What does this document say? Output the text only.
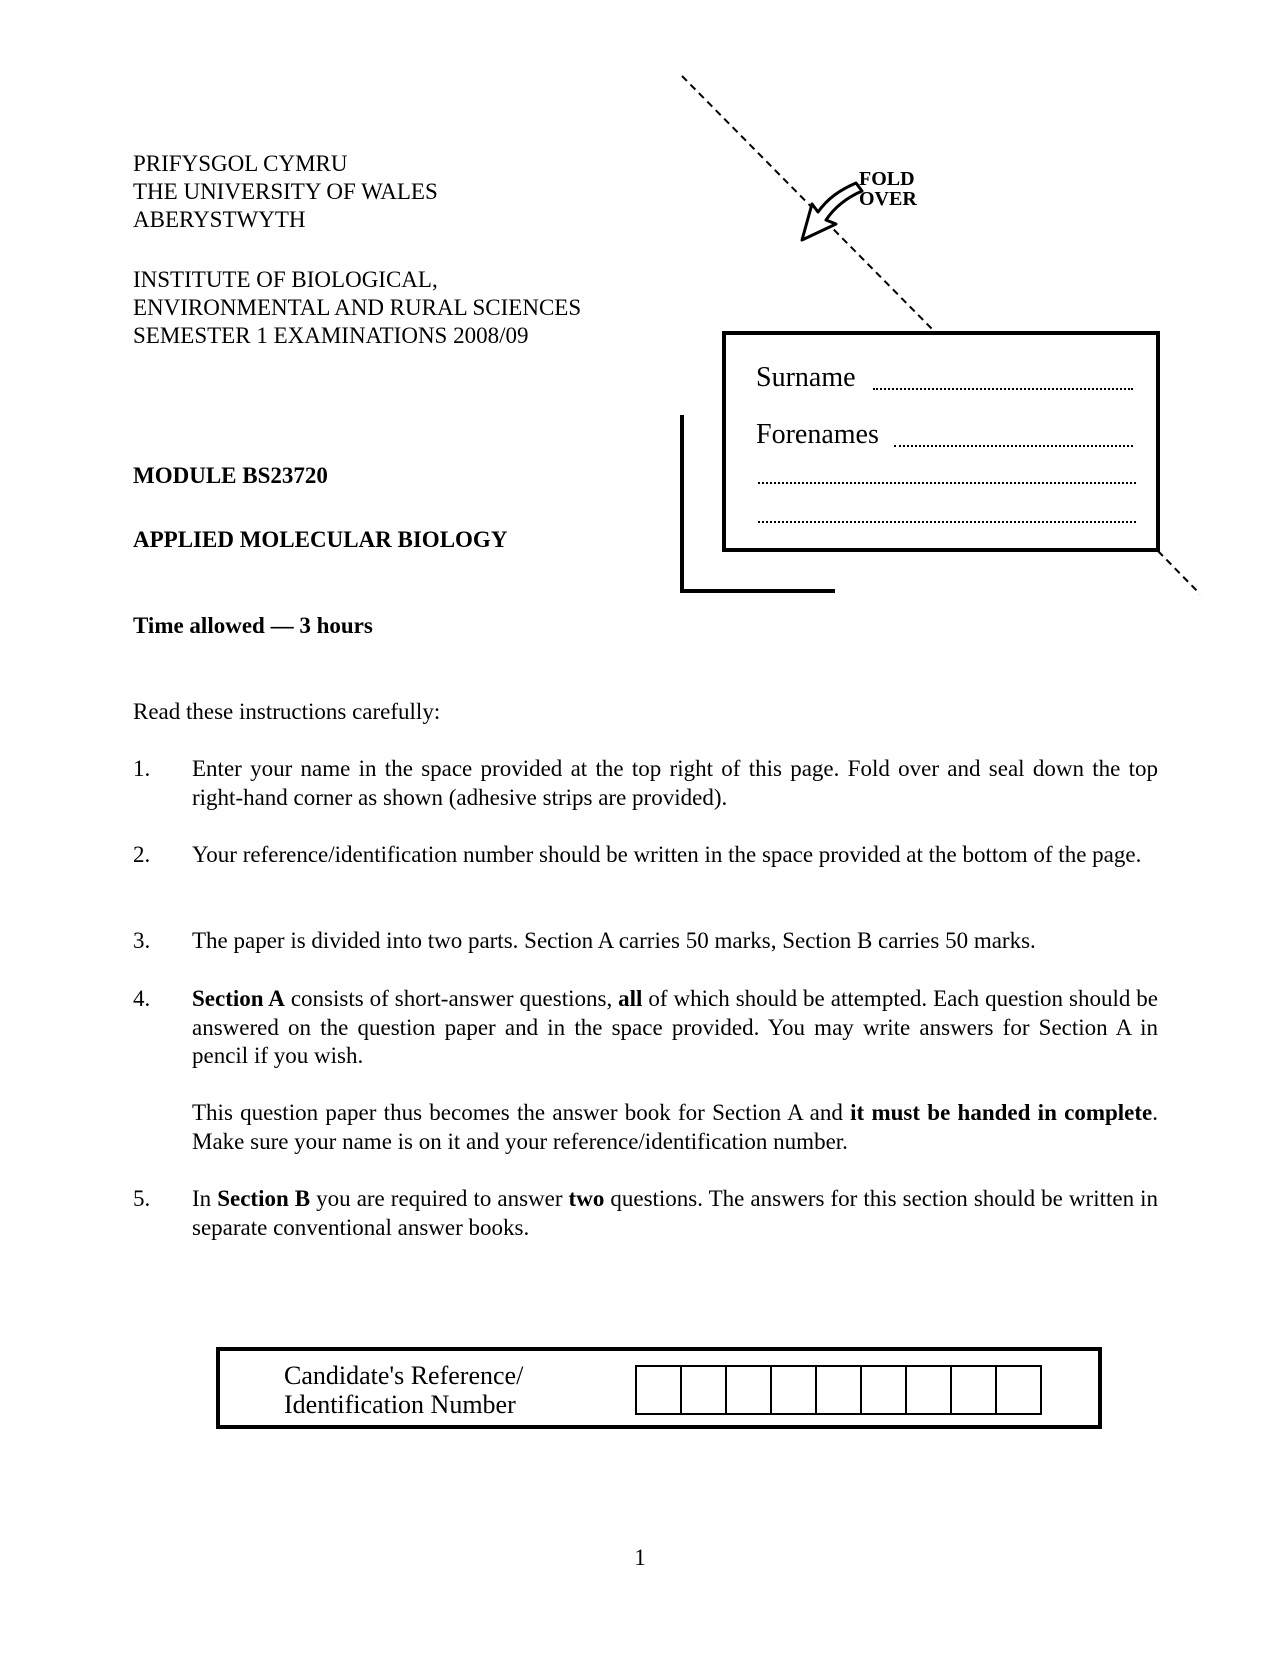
FOLD
OVER
Surname
Forenames
PRIFYSGOL CYMRU
THE UNIVERSITY OF WALES
ABERYSTWYTH
INSTITUTE OF BIOLOGICAL,
ENVIRONMENTAL AND RURAL SCIENCES
SEMESTER 1 EXAMINATIONS 2008/09
MODULE BS23720
APPLIED MOLECULAR BIOLOGY
Time allowed — 3 hours
Read these instructions carefully:
1. Enter your name in the space provided at the top right of this page. Fold over and seal down the top right-hand corner as shown (adhesive strips are provided).
2. Your reference/identification number should be written in the space provided at the bottom of the page.
3. The paper is divided into two parts. Section A carries 50 marks, Section B carries 50 marks.
4. Section A consists of short-answer questions, all of which should be attempted. Each question should be answered on the question paper and in the space provided. You may write answers for Section A in pencil if you wish.
This question paper thus becomes the answer book for Section A and it must be handed in complete. Make sure your name is on it and your reference/identification number.
5. In Section B you are required to answer two questions. The answers for this section should be written in separate conventional answer books.
Candidate's Reference/
Identification Number
1
